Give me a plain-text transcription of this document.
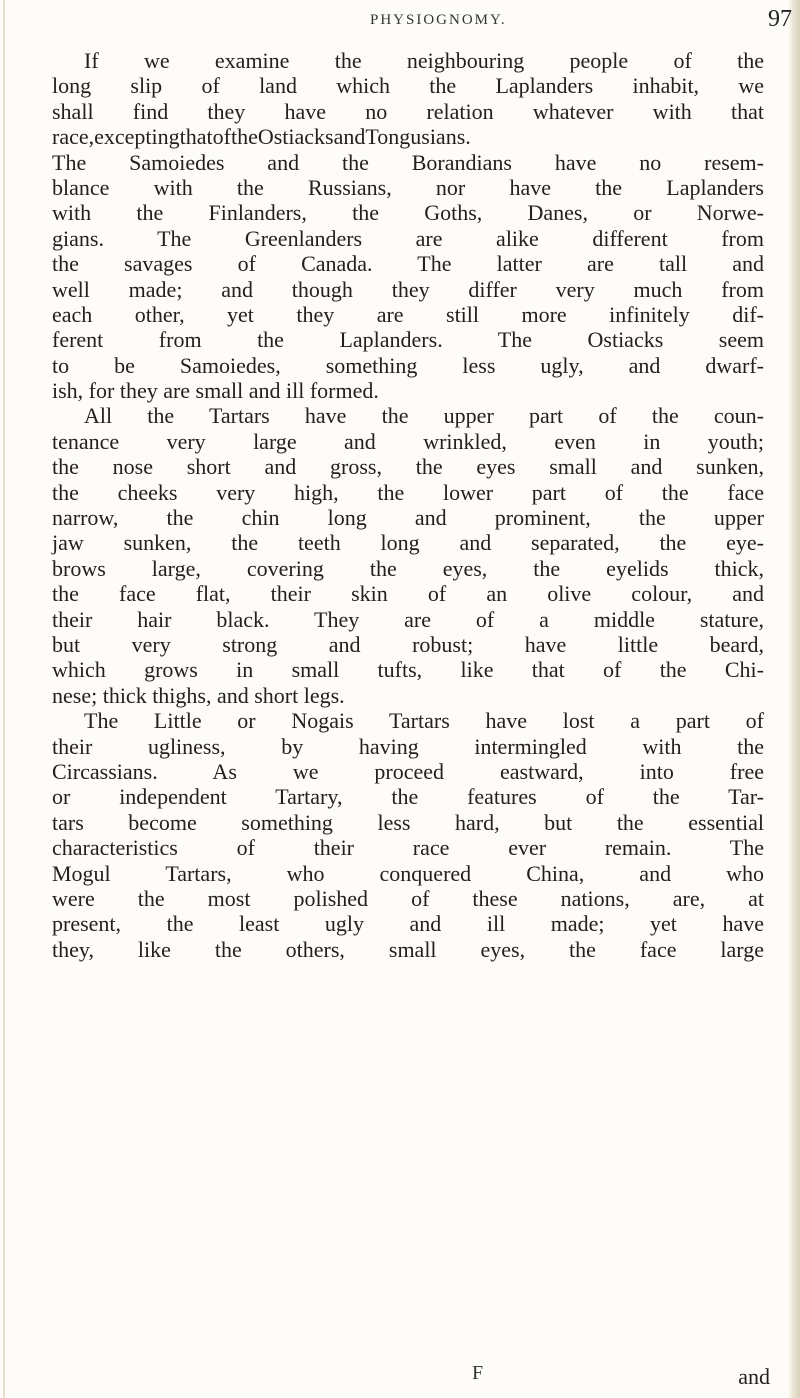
PHYSIOGNOMY.	97
If we examine the neighbouring people of the
long slip of land which the Laplanders inhabit, we
shall find they have no relation whatever with that
race,exceptingthatoftheOstiacksandTongusians.
The Samoiedes and the Borandians have no resem-
blance with the Russians, nor have the Laplanders
with the Finlanders, the Goths, Danes, or Norwe-
gians. The Greenlanders are alike different from
the savages of Canada. The latter are tall and
well made; and though they differ very much from
each other, yet they are still more infinitely dif-
ferent from the Laplanders. The Ostiacks seem
to be Samoiedes, something less ugly, and dwarf-
ish, for they are small and ill formed.
All the Tartars have the upper part of the coun-
tenance very large and wrinkled, even in youth;
the nose short and gross, the eyes small and sunken,
the cheeks very high, the lower part of the face
narrow, the chin long and prominent, the upper
jaw sunken, the teeth long and separated, the eye-
brows large, covering the eyes, the eyelids thick,
the face flat, their skin of an olive colour, and
their hair black. They are of a middle stature,
but very strong and robust; have little beard,
which grows in small tufts, like that of the Chi-
nese; thick thighs, and short legs.
The Little or Nogais Tartars have lost a part of
their ugliness, by having intermingled with the
Circassians. As we proceed eastward, into free
or independent Tartary, the features of the Tar-
tars become something less hard, but the essential
characteristics of their race ever remain. The
Mogul Tartars, who conquered China, and who
were the most polished of these nations, are, at
present, the least ugly and ill made; yet have
they, like the others, small eyes, the face large
F	and
